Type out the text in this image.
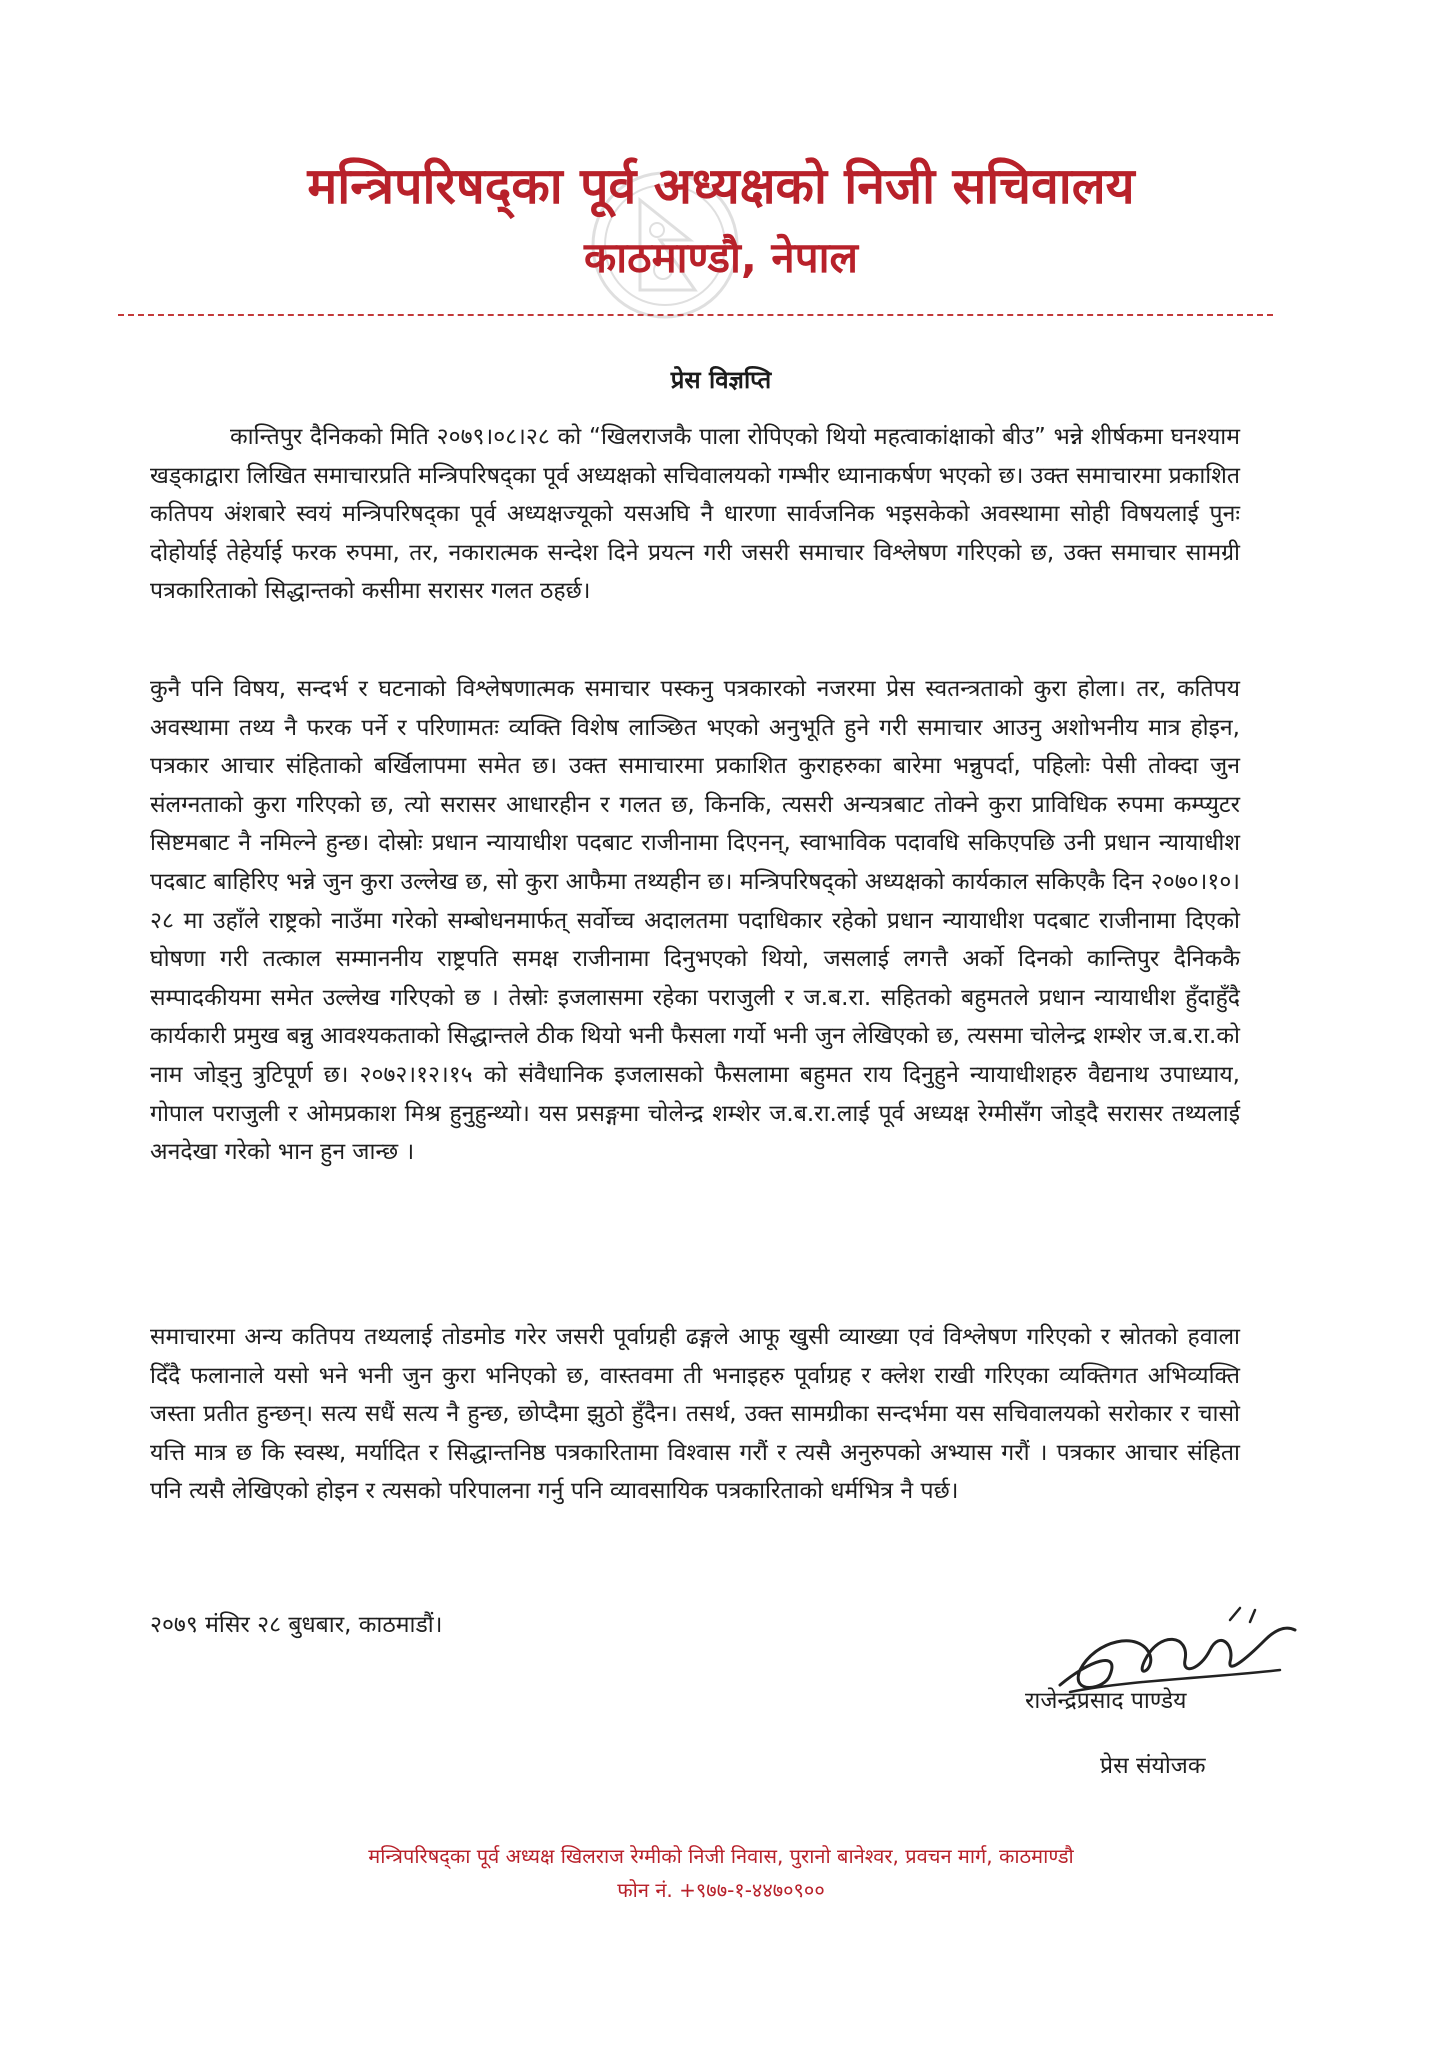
मन्त्रिपरिषद्का पूर्व अध्यक्षको निजी सचिवालय
काठमाण्डौ, नेपाल
प्रेस विज्ञप्ति
कान्तिपुर दैनिकको मिति २०७९।०८।२८ को “खिलराजकै पाला रोपिएको थियो महत्वाकांक्षाको बीउ” भन्ने शीर्षकमा घनश्याम खड्काद्वारा लिखित समाचारप्रति मन्त्रिपरिषद्का पूर्व अध्यक्षको सचिवालयको गम्भीर ध्यानाकर्षण भएको छ। उक्त समाचारमा प्रकाशित कतिपय अंशबारे स्वयं मन्त्रिपरिषद्का पूर्व अध्यक्षज्यूको यसअघि नै धारणा सार्वजनिक भइसकेको अवस्थामा सोही विषयलाई पुनः दोहोर्याई तेहेर्याई फरक रुपमा, तर, नकारात्मक सन्देश दिने प्रयत्न गरी जसरी समाचार विश्लेषण गरिएको छ, उक्त समाचार सामग्री पत्रकारिताको सिद्धान्तको कसीमा सरासर गलत ठहर्छ।
कुनै पनि विषय, सन्दर्भ र घटनाको विश्लेषणात्मक समाचार पस्कनु पत्रकारको नजरमा प्रेस स्वतन्त्रताको कुरा होला। तर, कतिपय अवस्थामा तथ्य नै फरक पर्ने र परिणामतः व्यक्ति विशेष लाञ्छित भएको अनुभूति हुने गरी समाचार आउनु अशोभनीय मात्र होइन, पत्रकार आचार संहिताको बर्खिलापमा समेत छ। उक्त समाचारमा प्रकाशित कुराहरुका बारेमा भन्नुपर्दा, पहिलोः पेसी तोक्दा जुन संलग्नताको कुरा गरिएको छ, त्यो सरासर आधारहीन र गलत छ, किनकि, त्यसरी अन्यत्रबाट तोक्ने कुरा प्राविधिक रुपमा कम्प्युटर सिष्टमबाट नै नमिल्ने हुन्छ। दोस्रोः प्रधान न्यायाधीश पदबाट राजीनामा दिएनन्, स्वाभाविक पदावधि सकिएपछि उनी प्रधान न्यायाधीश पदबाट बाहिरिए भन्ने जुन कुरा उल्लेख छ, सो कुरा आफैमा तथ्यहीन छ। मन्त्रिपरिषद्को अध्यक्षको कार्यकाल सकिएकै दिन २०७०।१०।२८ मा उहाँले राष्ट्रको नाउँमा गरेको सम्बोधनमार्फत् सर्वोच्च अदालतमा पदाधिकार रहेको प्रधान न्यायाधीश पदबाट राजीनामा दिएको घोषणा गरी तत्काल सम्माननीय राष्ट्रपति समक्ष राजीनामा दिनुभएको थियो, जसलाई लगत्तै अर्को दिनको कान्तिपुर दैनिककै सम्पादकीयमा समेत उल्लेख गरिएको छ । तेस्रोः इजलासमा रहेका पराजुली र ज.ब.रा. सहितको बहुमतले प्रधान न्यायाधीश हुँदाहुँदै कार्यकारी प्रमुख बन्नु आवश्यकताको सिद्धान्तले ठीक थियो भनी फैसला गर्यो भनी जुन लेखिएको छ, त्यसमा चोलेन्द्र शम्शेर ज.ब.रा.को नाम जोड्नु त्रुटिपूर्ण छ। २०७२।१२।१५ को संवैधानिक इजलासको फैसलामा बहुमत राय दिनुहुने न्यायाधीशहरु वैद्यनाथ उपाध्याय, गोपाल पराजुली र ओमप्रकाश मिश्र हुनुहुन्थ्यो। यस प्रसङ्गमा चोलेन्द्र शम्शेर ज.ब.रा.लाई पूर्व अध्यक्ष रेग्मीसँग जोड्दै सरासर तथ्यलाई अनदेखा गरेको भान हुन जान्छ ।
समाचारमा अन्य कतिपय तथ्यलाई तोडमोड गरेर जसरी पूर्वाग्रही ढङ्गले आफू खुसी व्याख्या एवं विश्लेषण गरिएको र स्रोतको हवाला दिँदै फलानाले यसो भने भनी जुन कुरा भनिएको छ, वास्तवमा ती भनाइहरु पूर्वाग्रह र क्लेश राखी गरिएका व्यक्तिगत अभिव्यक्ति जस्ता प्रतीत हुन्छन्। सत्य सधैं सत्य नै हुन्छ, छोप्दैमा झुठो हुँदैन। तसर्थ, उक्त सामग्रीका सन्दर्भमा यस सचिवालयको सरोकार र चासो यत्ति मात्र छ कि स्वस्थ, मर्यादित र सिद्धान्तनिष्ठ पत्रकारितामा विश्वास गरौं र त्यसै अनुरुपको अभ्यास गरौं । पत्रकार आचार संहिता पनि त्यसै लेखिएको होइन र त्यसको परिपालना गर्नु पनि व्यावसायिक पत्रकारिताको धर्मभित्र नै पर्छ।
२०७९ मंसिर २८ बुधबार, काठमाडौं।
राजेन्द्रप्रसाद पाण्डेय
प्रेस संयोजक
मन्त्रिपरिषद्का पूर्व अध्यक्ष खिलराज रेग्मीको निजी निवास, पुरानो बानेश्वर, प्रवचन मार्ग, काठमाण्डौ
फोन नं. +९७७-१-४४७०९००
